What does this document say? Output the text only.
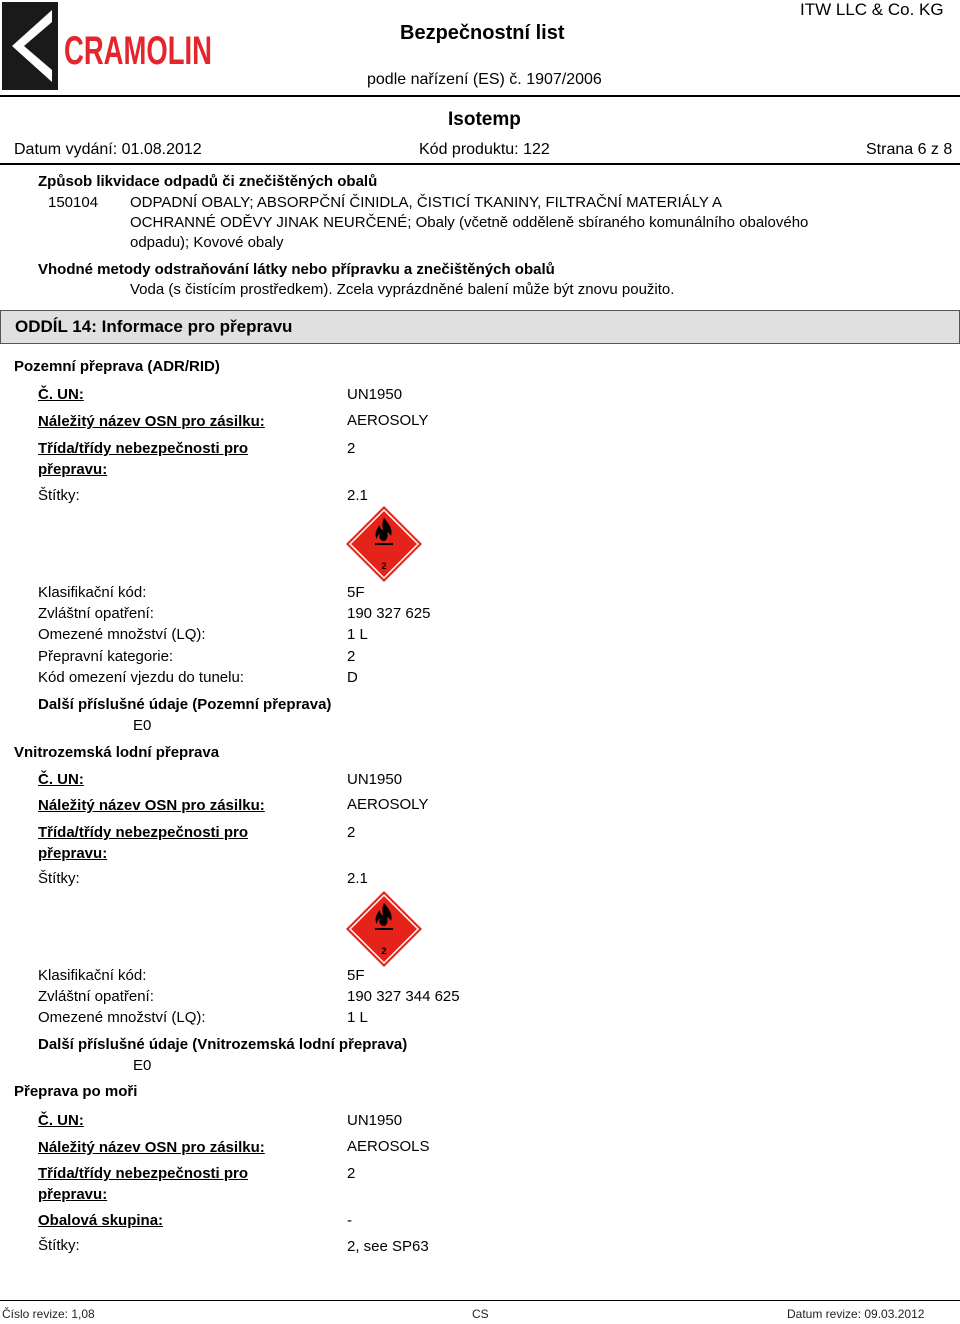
CRAMOLIN	Bezpečnostní list
ITW LLC & Co. KG
podle nařízení (ES) č. 1907/2006
Isotemp
Datum vydání: 01.08.2012	Kód produktu: 122	Strana 6 z 8
Způsob likvidace odpadů či znečištěných obalů
150104 ODPADNÍ OBALY; ABSORPČNÍ ČINIDLA, ČISTICÍ TKANINY, FILTRAČNÍ MATERIÁLY A
OCHRANNÉ ODĚVY JINAK NEURČENÉ; Obaly (včetně odděleně sbíraného komunálního obalového
odpadu); Kovové obaly
Vhodné metody odstraňování látky nebo přípravku a znečištěných obalů
Voda (s čistícím prostředkem). Zcela vyprázdněné balení může být znovu použito.
ODDÍL 14: Informace pro přepravu
Pozemní přeprava (ADR/RID)
Č. UN:	UN1950
Náležitý název OSN pro zásilku:	AEROSOLY
Třída/třídy nebezpečnosti pro
přepravu:
2
Štítky:	2.1
2
Klasifikační kód:	5F
Zvláštní opatření:	190 327 625
Omezené množství (LQ):	1 L
Přepravní kategorie:	2
Kód omezení vjezdu do tunelu:	D
Další příslušné údaje (Pozemní přeprava)
E0
Vnitrozemská lodní přeprava
Č. UN:	UN1950
Náležitý název OSN pro zásilku:	AEROSOLY
Třída/třídy nebezpečnosti pro
přepravu:
2
Štítky:	2.1
2
Klasifikační kód:	5F
Zvláštní opatření:	190 327 344 625
Omezené množství (LQ):	1 L
Další příslušné údaje (Vnitrozemská lodní přeprava)
E0
Přeprava po moři
Č. UN:	UN1950
Náležitý název OSN pro zásilku:	AEROSOLS
Třída/třídy nebezpečnosti pro
přepravu:
2
Obalová skupina:	-
Štítky:	2, see SP63
Číslo revize: 1,08	CS	Datum revize: 09.03.2012
